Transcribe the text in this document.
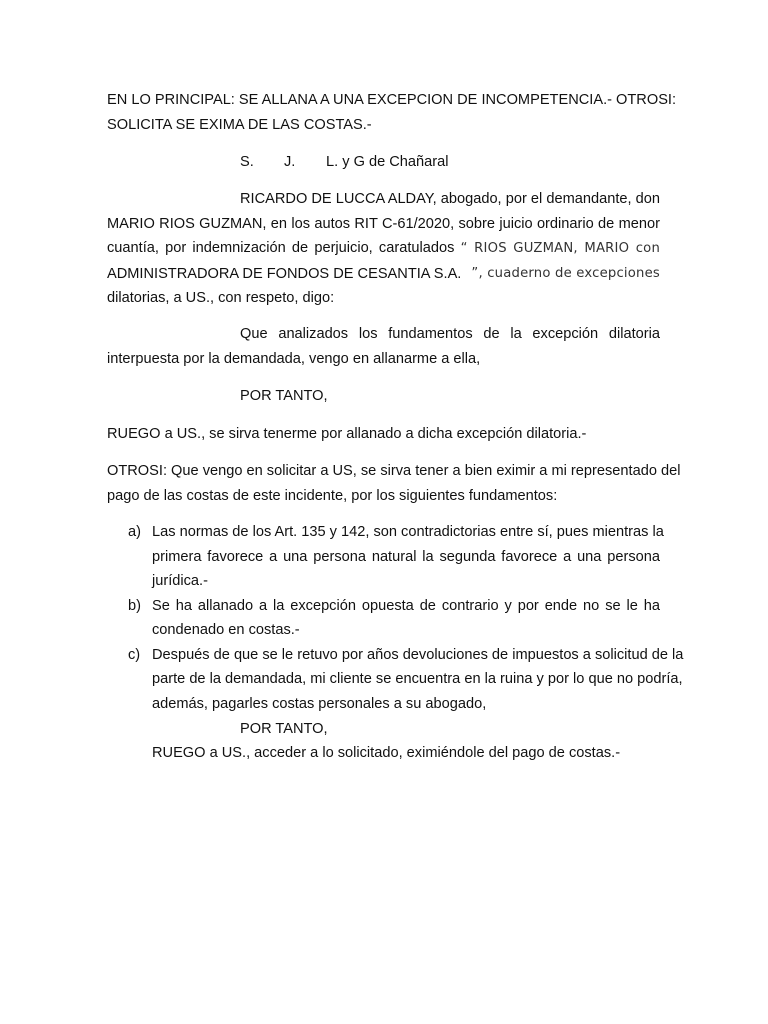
EN LO PRINCIPAL: SE ALLANA A UNA EXCEPCION DE INCOMPETENCIA.- OTROSI:
SOLICITA SE EXIMA DE LAS COSTAS.-
S. J. L. y G de Chañaral
RICARDO DE LUCCA ALDAY, abogado, por el demandante, don
MARIO RIOS GUZMAN, en los autos RIT C-61/2020, sobre juicio ordinario de menor
cuantía, por indemnización de perjuicio, caratulados “ RIOS GUZMAN, MARIO con
ADMINISTRADORA DE FONDOS DE CESANTIA S.A. ”, cuaderno de excepciones
dilatorias, a US., con respeto, digo:
Que analizados los fundamentos de la excepción dilatoria
interpuesta por la demandada, vengo en allanarme a ella,
POR TANTO,
RUEGO a US., se sirva tenerme por allanado a dicha excepción dilatoria.-
OTROSI: Que vengo en solicitar a US, se sirva tener a bien eximir a mi representado del
pago de las costas de este incidente, por los siguientes fundamentos:
a) Las normas de los Art. 135 y 142, son contradictorias entre sí, pues mientras la
primera favorece a una persona natural la segunda favorece a una persona
jurídica.-
b) Se ha allanado a la excepción opuesta de contrario y por ende no se le ha
condenado en costas.-
c) Después de que se le retuvo por años devoluciones de impuestos a solicitud de la
parte de la demandada, mi cliente se encuentra en la ruina y por lo que no podría,
además, pagarles costas personales a su abogado,
POR TANTO,
RUEGO a US., acceder a lo solicitado, eximiéndole del pago de costas.-
